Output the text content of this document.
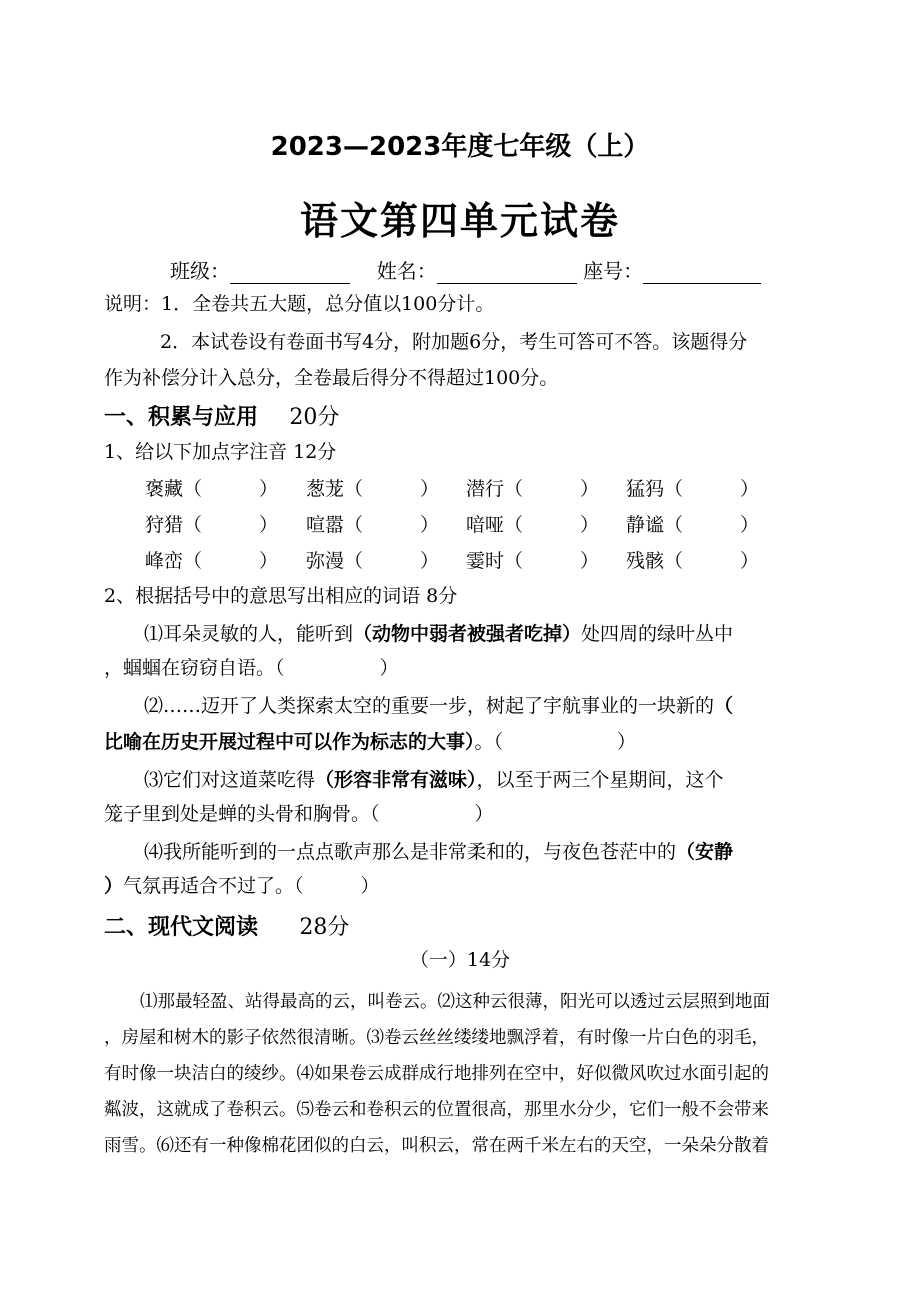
2023—2023年度七年级（上）
语文第四单元试卷
班级：	姓名：	座号：
说明：1．全卷共五大题，总分值以100分计。
2．本试卷设有卷面书写4分，附加题6分，考生可答可不答。该题得分
作为补偿分计入总分，全卷最后得分不得超过100分。
一、积累与应用 20分
1、给以下加点字注音 12分
褒藏（　　　） 葱茏（　　　） 潜行（　　　） 猛犸（　　　）
狩猎（　　　） 喧嚣（　　　） 喑哑（　　　） 静谧（　　　）
峰峦（　　　） 弥漫（　　　） 霎时（　　　） 残骸（　　　）
2、根据括号中的意思写出相应的词语 8分
⑴耳朵灵敏的人，能听到（动物中弱者被强者吃掉）处四周的绿叶丛中
，蝈蝈在窃窃自语。（　　　　　）
⑵……迈开了人类探索太空的重要一步，树起了宇航事业的一块新的（
比喻在历史开展过程中可以作为标志的大事）。（　　　　　　）
⑶它们对这道菜吃得（形容非常有滋味），以至于两三个星期间，这个
笼子里到处是蝉的头骨和胸骨。（　　　　　）
⑷我所能听到的一点点歌声那么是非常柔和的，与夜色苍茫中的（安静
）气氛再适合不过了。（　　　）
二、现代文阅读 28分
（一）14分
⑴那最轻盈、站得最高的云，叫卷云。⑵这种云很薄，阳光可以透过云层照到地面
，房屋和树木的影子依然很清晰。⑶卷云丝丝缕缕地飘浮着，有时像一片白色的羽毛，
有时像一块洁白的绫纱。⑷如果卷云成群成行地排列在空中，好似微风吹过水面引起的
粼波，这就成了卷积云。⑸卷云和卷积云的位置很高，那里水分少，它们一般不会带来
雨雪。⑹还有一种像棉花团似的白云，叫积云，常在两千米左右的天空，一朵朵分散着
